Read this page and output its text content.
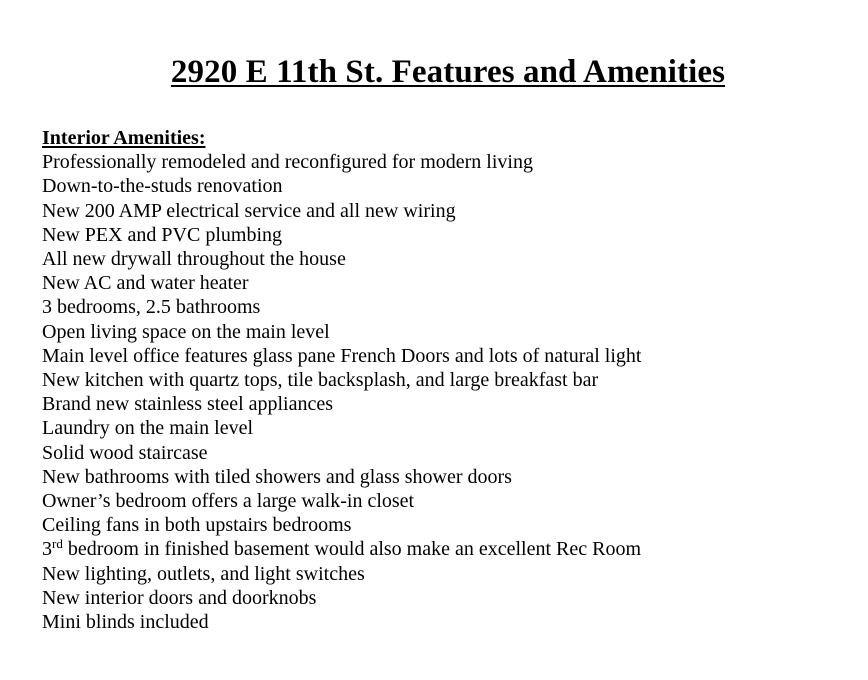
2920 E 11th St. Features and Amenities
Interior Amenities:
Professionally remodeled and reconfigured for modern living
Down-to-the-studs renovation
New 200 AMP electrical service and all new wiring
New PEX and PVC plumbing
All new drywall throughout the house
New AC and water heater
3 bedrooms, 2.5 bathrooms
Open living space on the main level
Main level office features glass pane French Doors and lots of natural light
New kitchen with quartz tops, tile backsplash, and large breakfast bar
Brand new stainless steel appliances
Laundry on the main level
Solid wood staircase
New bathrooms with tiled showers and glass shower doors
Owner’s bedroom offers a large walk-in closet
Ceiling fans in both upstairs bedrooms
3rd bedroom in finished basement would also make an excellent Rec Room
New lighting, outlets, and light switches
New interior doors and doorknobs
Mini blinds included
